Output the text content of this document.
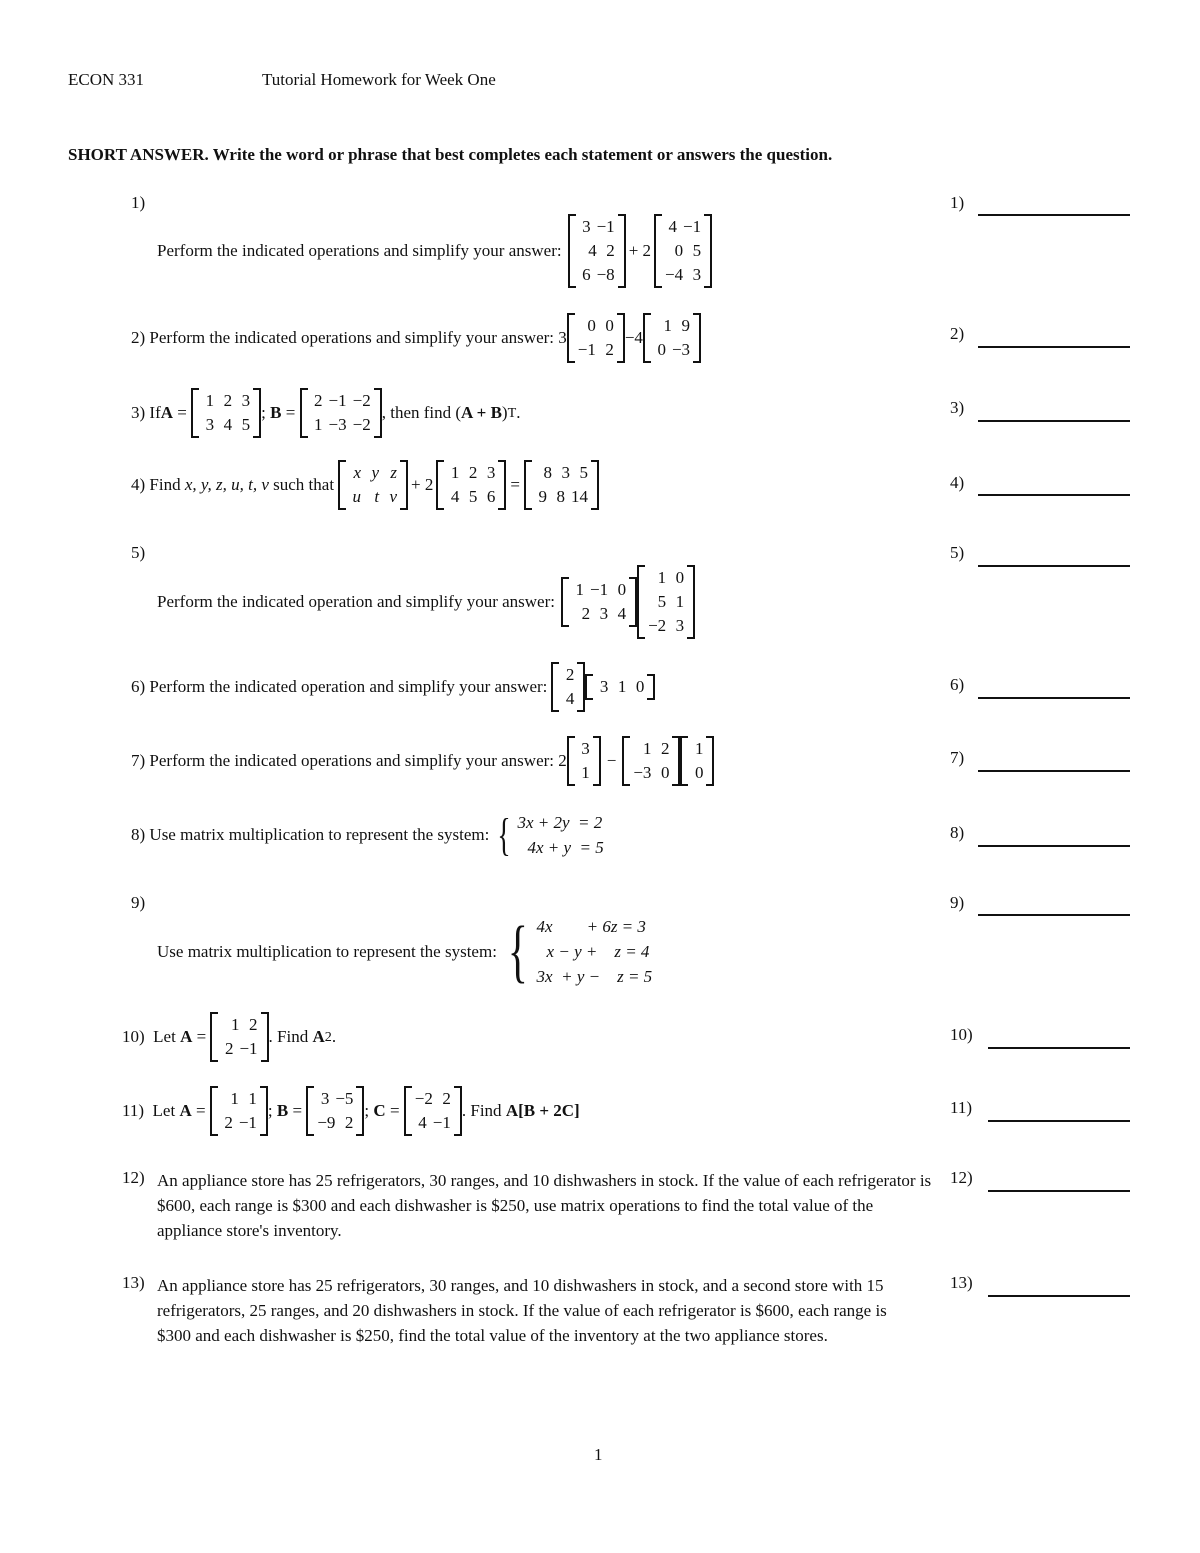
ECON 331	Tutorial Homework for Week One
SHORT ANSWER. Write the word or phrase that best completes each statement or answers the question.
1)
Perform the indicated operations and simplify your answer:
3 −1
4 2
6 −8
+ 2
4 −1
0 5
−4 3
1)
2) Perform the indicated operations and simplify your answer: 3
0 0
−1 2
−4
1 9
0 −3
2)
3) If A =
1 2 3
3 4 5
; B =
2 −1 −2
1 −3 −2
, then find ( A + B ) T .	3)
4) Find x, y, z, u, t, v such that
x y z
u t v
+ 2
1 2 3
4 5 6
=
8 3 5
9 8 14
4)
5)
Perform the indicated operation and simplify your answer:
1 −1 0
2 3 4
1 0
5 1
−2 3
5)
6) Perform the indicated operation and simplify your answer:
2
4
3 1 0	6)
7) Perform the indicated operations and simplify your answer: 2
3
1
−
1 2
−3 0
1
0
7)
8) Use matrix multiplication to represent the system: { 3x + 2y  = 2
4x + y  = 5
8)
9)
Use matrix multiplication to represent the system: { 4x        + 6z = 3
x − y +    z = 4
3x  + y −    z = 5
9)
10)  Let A =
1 2
2 −1
. Find A 2 .	10)
11)  Let A =
1 1
2 −1
; B =
3 −5
−9 2
; C =
−2 2
4 −1
. Find A[B + 2C]	11)
12) An appliance store has 25 refrigerators, 30 ranges, and 10 dishwashers in stock. If the value of each refrigerator is $600, each range is $300 and each dishwasher is $250, use matrix operations to find the total value of the appliance store's inventory.
12)
13) An appliance store has 25 refrigerators, 30 ranges, and 10 dishwashers in stock, and a second store with 15 refrigerators, 25 ranges, and 20 dishwashers in stock. If the value of each refrigerator is $600, each range is $300 and each dishwasher is $250, find the total value of the inventory at the two appliance stores.
13)
1
